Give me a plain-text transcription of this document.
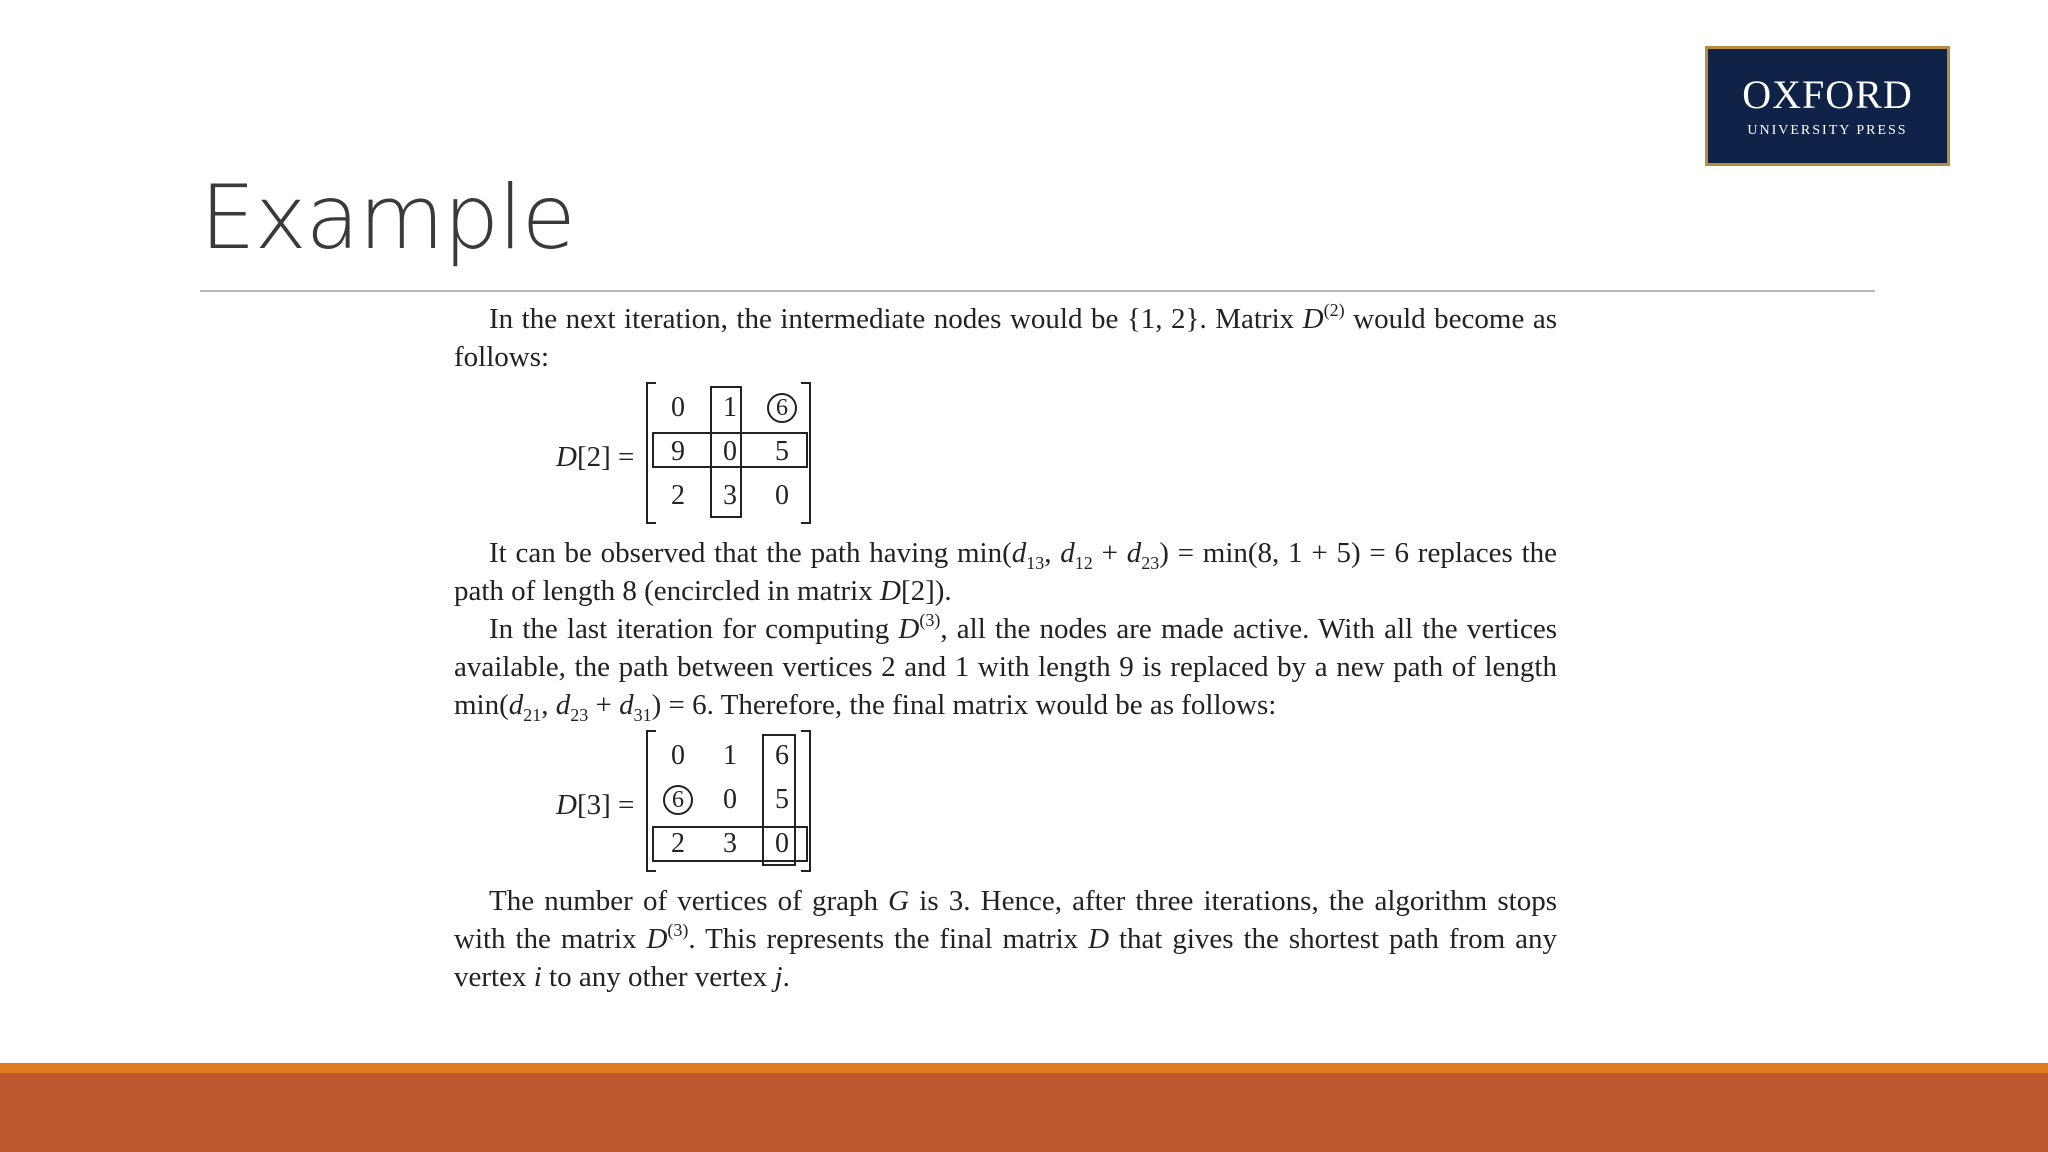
OXFORD
UNIVERSITY PRESS
Example

In the next iteration, the intermediate nodes would be {1, 2}. Matrix $D^{(2)}$ would become as follows:

D[2] =
0	1	6
9	0	5
2	3	0

It can be observed that the path having $\min(d_{13}$, $d_{12} + d_{23}) = \min(8$, 1 + 5) = 6 replaces the path of length 8 (encircled in matrix D[2]).

In the last iteration for computing $D^{(3)}$, all the nodes are made active. With all the vertices available, the path between vertices 2 and 1 with length 9 is replaced by a new path of length $\min(d_{21}$, $d_{23} + d_{31}) = 6$. Therefore, the final matrix would be as follows:

D[3] =
0	1	6
6	0	5
2	3	0

The number of vertices of graph G is 3. Hence, after three iterations, the algorithm stops with the matrix $D^{(3)}$. This represents the final matrix D that gives the shortest path from any vertex i to any other vertex j.
